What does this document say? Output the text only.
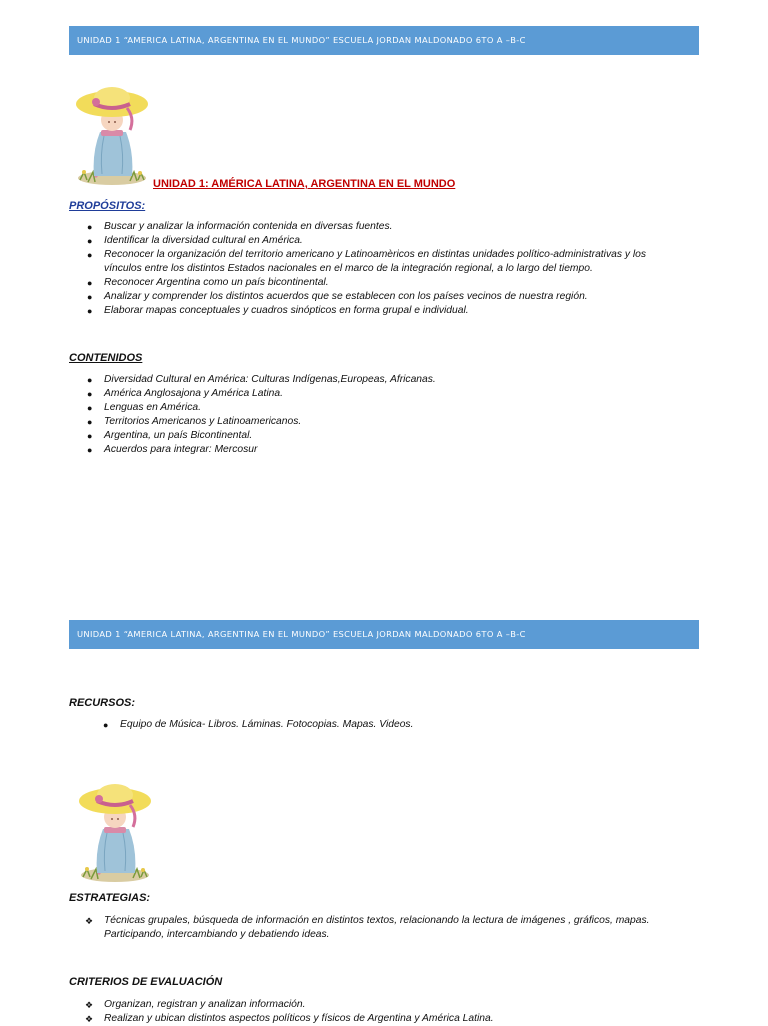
UNIDAD 1 “AMERICA LATINA, ARGENTINA EN EL MUNDO” ESCUELA JORDAN MALDONADO 6TO A –B-C
UNIDAD 1: AMÉRICA LATINA, ARGENTINA EN EL MUNDO
PROPÓSITOS:
● Buscar y analizar la información contenida en diversas fuentes.
● Identificar la diversidad cultural en América.
● Reconocer la organización del territorio americano y Latinoamèricos en distintas unidades político-administrativas y los vínculos entre los distintos Estados nacionales en el marco de la integración regional, a lo largo del tiempo.
● Reconocer Argentina como un país bicontinental.
● Analizar y comprender los distintos acuerdos que se establecen con los países vecinos de nuestra región.
● Elaborar mapas conceptuales y cuadros sinópticos en forma grupal e individual.
CONTENIDOS
● Diversidad Cultural en América: Culturas Indígenas,Europeas, Africanas.
● América Anglosajona y América Latina.
● Lenguas en América.
● Territorios Americanos y Latinoamericanos.
● Argentina, un país Bicontinental.
● Acuerdos para integrar: Mercosur
UNIDAD 1 “AMERICA LATINA, ARGENTINA EN EL MUNDO” ESCUELA JORDAN MALDONADO 6TO A –B-C
RECURSOS:
● Equipo de Música- Libros. Láminas. Fotocopias. Mapas. Videos.
ESTRATEGIAS:
❖ Técnicas grupales, búsqueda de información en distintos textos, relacionando la lectura de imágenes , gráficos, mapas. Participando, intercambiando y debatiendo ideas.
CRITERIOS DE EVALUACIÓN
❖ Organizan, registran y analizan información.
❖ Realizan y ubican distintos aspectos políticos y físicos de Argentina y América Latina.
